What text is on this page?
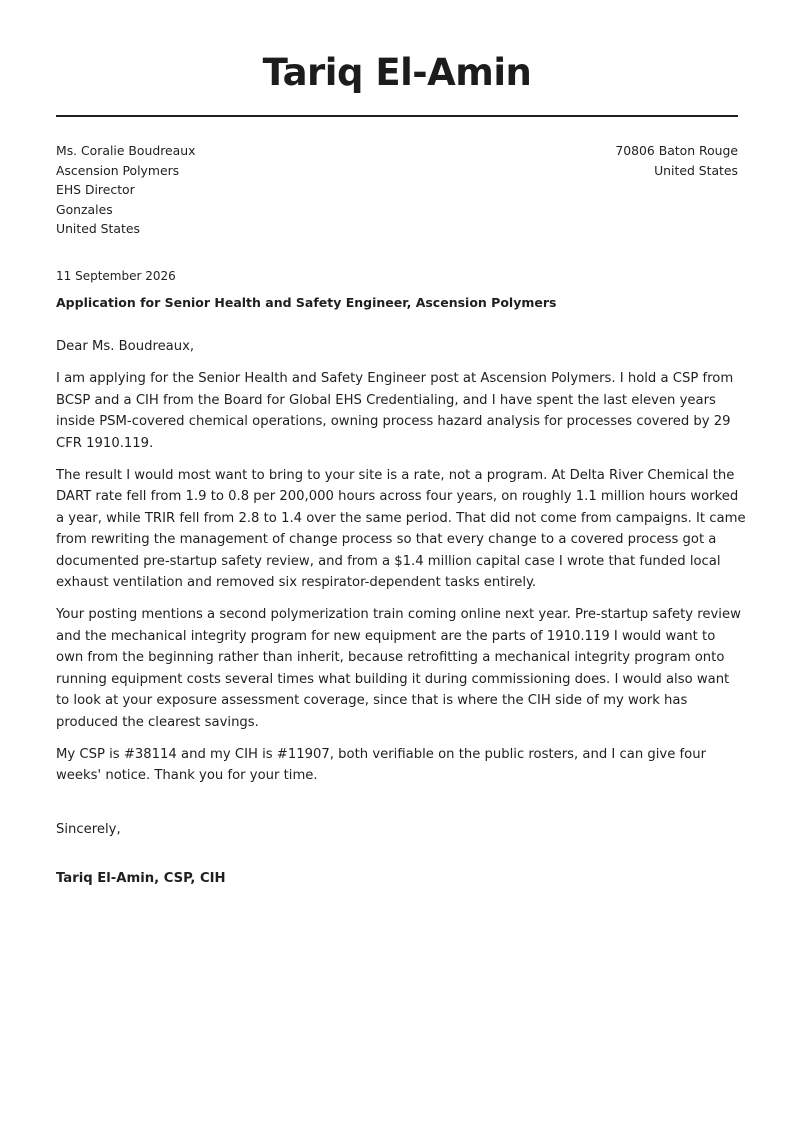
Tariq El-Amin
Ms. Coralie Boudreaux
Ascension Polymers
EHS Director
Gonzales
United States
70806 Baton Rouge
United States
11 September 2026
Application for Senior Health and Safety Engineer, Ascension Polymers

Dear Ms. Boudreaux,

I am applying for the Senior Health and Safety Engineer post at Ascension Polymers. I hold a CSP from BCSP and a CIH from the Board for Global EHS Credentialing, and I have spent the last eleven years inside PSM-covered chemical operations, owning process hazard analysis for processes covered by 29 CFR 1910.119.

The result I would most want to bring to your site is a rate, not a program. At Delta River Chemical the DART rate fell from 1.9 to 0.8 per 200,000 hours across four years, on roughly 1.1 million hours worked a year, while TRIR fell from 2.8 to 1.4 over the same period. That did not come from campaigns. It came from rewriting the management of change process so that every change to a covered process got a documented pre-startup safety review, and from a $1.4 million capital case I wrote that funded local exhaust ventilation and removed six respirator-dependent tasks entirely.

Your posting mentions a second polymerization train coming online next year. Pre-startup safety review and the mechanical integrity program for new equipment are the parts of 1910.119 I would want to own from the beginning rather than inherit, because retrofitting a mechanical integrity program onto running equipment costs several times what building it during commissioning does. I would also want to look at your exposure assessment coverage, since that is where the CIH side of my work has produced the clearest savings.

My CSP is #38114 and my CIH is #11907, both verifiable on the public rosters, and I can give four weeks' notice. Thank you for your time.

Sincerely,
Tariq El-Amin, CSP, CIH
